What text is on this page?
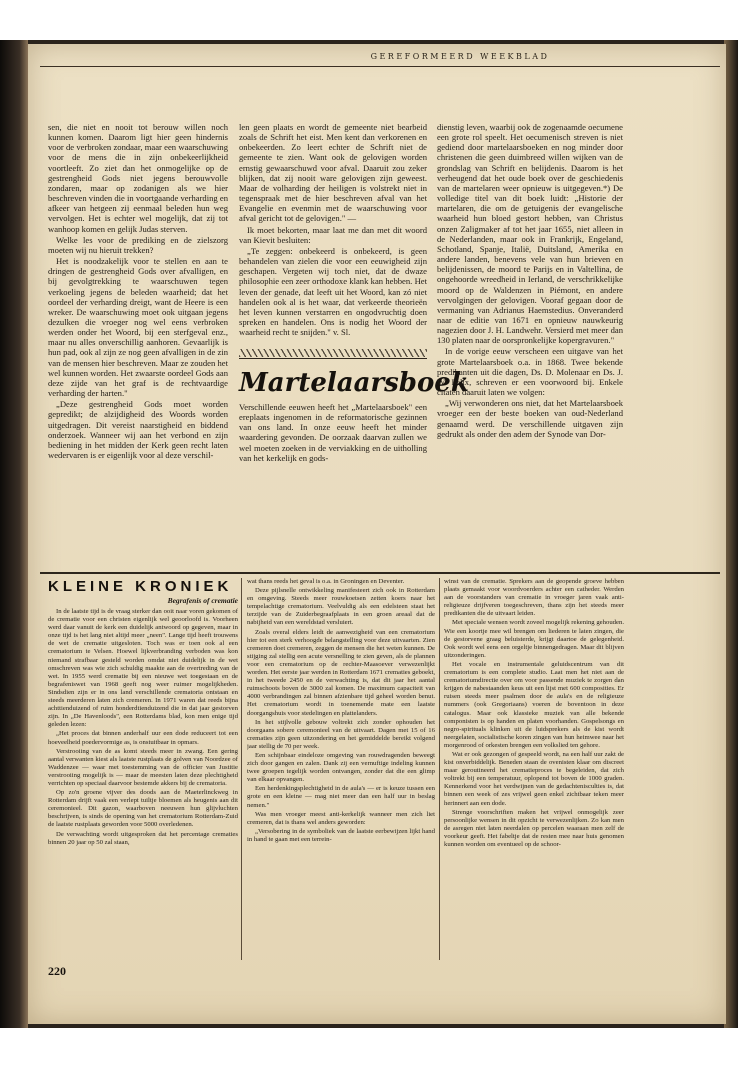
GEREFORMEERD WEEKBLAD

sen, die niet en nooit tot berouw willen noch kunnen komen. Daarom ligt hier geen hindernis voor de verbroken zondaar, maar een waarschuwing voor de mens die in zijn onbekeerlijkheid voortleeft. Zo ziet dan het onmogelijke op de gestrengheid Gods niet jegens berouwvolle zondaren, maar op zodanigen als we hier beschreven vinden die in voortgaande verharding en afkeer van hetgeen zij eenmaal beleden hun weg vervolgen. Het is echter wel mogelijk, dat zij tot wanhoop komen en gelijk Judas sterven.

Welke les voor de prediking en de zielszorg moeten wij nu hieruit trekken?

Het is noodzakelijk voor te stellen en aan te dringen de gestrengheid Gods over afvalligen, en bij gevolgtrekking te waarschuwen tegen verkoeling jegens de beleden waarheid; dat het oordeel der verharding dreigt, want de Heere is een wreker. De waarschuwing moet ook uitgaan jegens dezulken die vroeger nog wel eens verbroken werden onder het Woord, bij een sterfgeval enz., maar nu alles onverschillig aanhoren. Gevaarlijk is hun pad, ook al zijn ze nog geen afvalligen in de zin van de mensen hier beschreven. Maar ze zouden het wel kunnen worden. Het zwaarste oordeel Gods aan deze zijde van het graf is de rechtvaardige verharding der harten."

„Deze gestrengheid Gods moet worden gepredikt; de alzijdigheid des Woords worden uitgedragen. Dit vereist naarstigheid en biddend onderzoek. Wanneer wij aan het verbond en zijn bediening in het midden der Kerk geen recht laten wedervaren is er eigenlijk voor al deze verschil-

len geen plaats en wordt de gemeente niet bearbeid zoals de Schrift het eist. Men kent dan verkorenen en onbekeerden. Zo leert echter de Schrift niet de gemeente te zien. Want ook de gelovigen worden ernstig gewaarschuwd voor afval. Daaruit zou zeker blijken, dat zij nooit ware gelovigen zijn geweest. Maar de volharding der heiligen is volstrekt niet in tegenspraak met de hier beschreven afval van het Evangelie en evenmin met de waarschuwing voor afval gericht tot de gelovigen." —

Ik moet bekorten, maar laat me dan met dit woord van Kievit besluiten:

„Te zeggen: onbekeerd is onbekeerd, is geen behandelen van zielen die voor een eeuwigheid zijn geschapen. Vergeten wij toch niet, dat de dwaze philosophie een zeer orthodoxe klank kan hebben. Het leven der genade, dat leeft uit het Woord, kan zó niet handelen ook al is het waar, dat verkeerde theorieën het leven kunnen verstarren en ongodvruchtig doen spreken en handelen. Ons is nodig het Woord der waarheid recht te snijden." v. Sl.

Martelaarsboek

Verschillende eeuwen heeft het „Martelaarsboek" een ereplaats ingenomen in de reformatorische gezinnen van ons land. In onze eeuw heeft het minder waardering gevonden. De oorzaak daarvan zullen we wel moeten zoeken in de verviakking en de uitholling van het kerkelijk en gods-

dienstig leven, waarbij ook de zogenaamde oecumene een grote rol speelt. Het oecumenisch streven is niet gediend door martelaarsboeken en nog minder door christenen die geen duimbreed willen wijken van de grondslag van Schrift en belijdenis. Daarom is het verheugend dat het oude boek over de geschiedenis van de martelaren weer opnieuw is uitgegeven.*) De volledige titel van dit boek luidt: „Historie der martelaren, die om de getuigenis der evangelische waarheid hun bloed gestort hebben, van Christus onzen Zaligmaker af tot het jaar 1655, niet alleen in de Nederlanden, maar ook in Frankrijk, Engeland, Schotland, Spanje, Italië, Duitsland, Amerika en andere landen, benevens vele van hun brieven en belijdenissen, de moord te Parijs en in Valtellina, de ongehoorde wreedheid in Ierland, de verschrikkelijke moord op de Waldenzen in Piémont, en andere vervolgingen der gelovigen. Vooraf gegaan door de vermaning van Adrianus Haemstedius. Onveranderd naar de editie van 1671 en opnieuw nauwkeurig nagezien door J. H. Landwehr. Versierd met meer dan 130 platen naar de oorspronkelijke kopergravuren."

In de vorige eeuw verscheen een uitgave van het grote Martelaarsboek o.a. in 1868. Twee bekende predikanten uit die dagen, Ds. D. Molenaar en Ds. J. W. Felix, schreven er een voorwoord bij. Enkele citaten daaruit laten we volgen:

„Wij verwonderen ons niet, dat het Martelaarsboek vroeger een der beste boeken van oud-Nederland genaamd werd. De verschillende uitgaven zijn gedrukt als onder den adem der Synode van Dor-

KLEINE KRONIEK
Begrafenis of crematie

In de laatste tijd is de vraag sterker dan ooit naar voren gekomen of de crematie voor een christen eigenlijk wel geoorloofd is. Voorheen werd daar vanuit de kerk een duidelijk antwoord op gegeven, maar in onze tijd is het lang niet altijd meer „neen". Lange tijd heeft trouwens de wet de crematie uitgesloten. Toch was er toen ook al een crematorium te Velsen. Hoewel lijkverbranding verboden was kon niemand strafbaar gesteld worden omdat niet duidelijk in de wet omschreven was wie zich schuldig maakte aan de overtreding van de wet. In 1955 werd crematie bij een nieuwe wet toegestaan en de begrafeniswet van 1968 geeft nog weer ruimer mogelijkheden. Sindsdien zijn er in ons land verschillende crematoria ontstaan en steeds meerderen laten zich cremeren. In 1971 waren dat reeds bijna achttienduizend of ruim honderdtienduizend die in dat jaar gestorven zijn. In „De Havenloods", een Rotterdams blad, kon men enige tijd geleden lezen:

„Het proces dat binnen anderhalf uur een dode reduceert tot een hoeveelheid poedervormige as, is onstuitbaar in opmars.

Verstrooiing van de as komt steeds meer in zwang. Een gering aantal verwanten kiest als laatste rustplaats de golven van Noordzee of Waddenzee — waar met toestemming van de officier van Justitie verstrooiing mogelijk is — maar de meesten laten deze plechtigheid verrichten op speciaal daarvoor bestemde akkers bij de crematoria.

Op zo'n groene vijver des doods aan de Maeterlinckweg in Rotterdam drijft vaak een verlept tuiltje bloemen als heugenis aan dit ceremonieel. Dit gazon, waarboven neeuwen hun glijvluchten beschrijven, is sinds de opening van het crematorium Rotterdam-Zuid de laatste rustplaats geworden voor 5000 overledenen.

De verwachting wordt uitgesproken dat het percentage crematies binnen 20 jaar op 50 zal staan,

wat thans reeds het geval is o.a. in Groningen en Deventer.

Deze pijlsnelle ontwikkeling manifesteert zich ook in Rotterdam en omgeving. Steeds meer rouwkoetsen zetten koers naar het tempelachtige crematorium. Veelvuldig als een edelsteen staat het terzijde van de Zuiderbegraafplaats in een groen areaal dat de nabijheid van een wereldstad versluiert.

Zoals overal elders leidt de aanwezigheid van een crematorium hier tot een sterk verhoogde belangstelling voor deze uitvaarten. Zien cremeren doet cremeren, zeggen de mensen die het weten kunnen. De stijging zal stellig een acute versnelling te zien geven, als de plannen voor een crematorium op de rechter-Maasoever verwezenlijkt worden. Het eerste jaar werden in Rotterdam 1671 crematies geboekt, in het tweede 2450 en de verwachting is, dat dit jaar het aantal ruimschoots boven de 3000 zal komen. De maximum capaciteit van 4000 verbrandingen zal binnen afzienbare tijd geheel worden benut. Het crematorium wordt in toenemende mate een laatste doorgangshuis voor stedelingen en plattelanders.

In het stijlvolle gebouw voltrekt zich zonder ophouden het doorgaans sobere ceremonieel van de uitvaart. Dagen met 15 of 16 crematies zijn geen uitzondering en het gemiddelde bereikt volgend jaar stellig de 70 per week.

Een schijnbaar eindeloze omgeving van rouwdragenden beweegt zich door gangen en zalen. Dank zij een vernuftige indeling kunnen twee groepen tegelijk worden ontvangen, zonder dat die een glimp van elkaar opvangen.

Een herdenkingsplechtigheid in de aula's — er is keuze tussen een grote en een kleine — mag niet meer dan een half uur in beslag nemen."

Was men vroeger meest anti-kerkelijk wanneer men zich liet cremeren, dat is thans wel anders geworden:

„Versobering in de symboliek van de laatste eerbewijzen lijkt hand in hand te gaan met een terrein-

winst van de crematie. Sprekers aan de geopende groeve hebben plaats gemaakt voor woordvoerders achter een catheder. Werden aan de voorstanders van crematie in vroeger jaren vaak anti-religieuze drijfveren toegeschreven, thans zijn het steeds meer predikanten die de uitvaart leiden.

Met speciale wensen wordt zoveel mogelijk rekening gehouden. Wie een koortje mee wil brengen om liederen te laten zingen, die de gestorvene graag beluisterde, krijgt daartoe de gelegenheid. Ook wordt wel eens een orgeltje binnengedragen. Maar dit blijven uitzonderingen.

Het vocale en instrumentale geluidscentrum van dit crematorium is een complete studio. Laat men het niet aan de crematoriumdirectie over om voor passende muziek te zorgen dan krijgen de nabestaanden keus uit een lijst met 600 composities. Er ruisen steeds meer psalmen door de aula's en de religieuze nummers (ook Gregoriaans) voeren de boventoon in deze catalogus. Maar ook klassieke muziek van alle bekende componisten is op handen en platen voorhanden. Gospelsongs en negro-spirituals klinken uit de luidsprekers als de kist wordt neergelaten, socialistische koren zingen van hun heimwee naar het morgenrood of orkesten brengen een volkslied ten gehore.

Wat er ook gezongen of gespeeld wordt, na een half uur zakt de kist onverbiddelijk. Beneden staan de ovenisten klaar om discreet maar geroutineerd het crematieproces te begeleiden, dat zich voltrekt bij een temperatuur, oplopend tot boven de 1000 graden. Kennerkend voor het verdwijnen van de gedachtenisculties is, dat binnen een week of zes vrijwel geen enkel zichtbaar teken meer herinnert aan een dode.

Strenge voorschriften maken het vrijwel onmogelijk zeer persoonlijke wensen in dit opzicht te verwezenlijken. Zo kan men de asregen niet laten neerdalen op percelen waaraan men zelf de voorkeur geeft. Het fabeltje dat de resten mee naar huis genomen kunnen worden om eventueel op de schoor-

220
